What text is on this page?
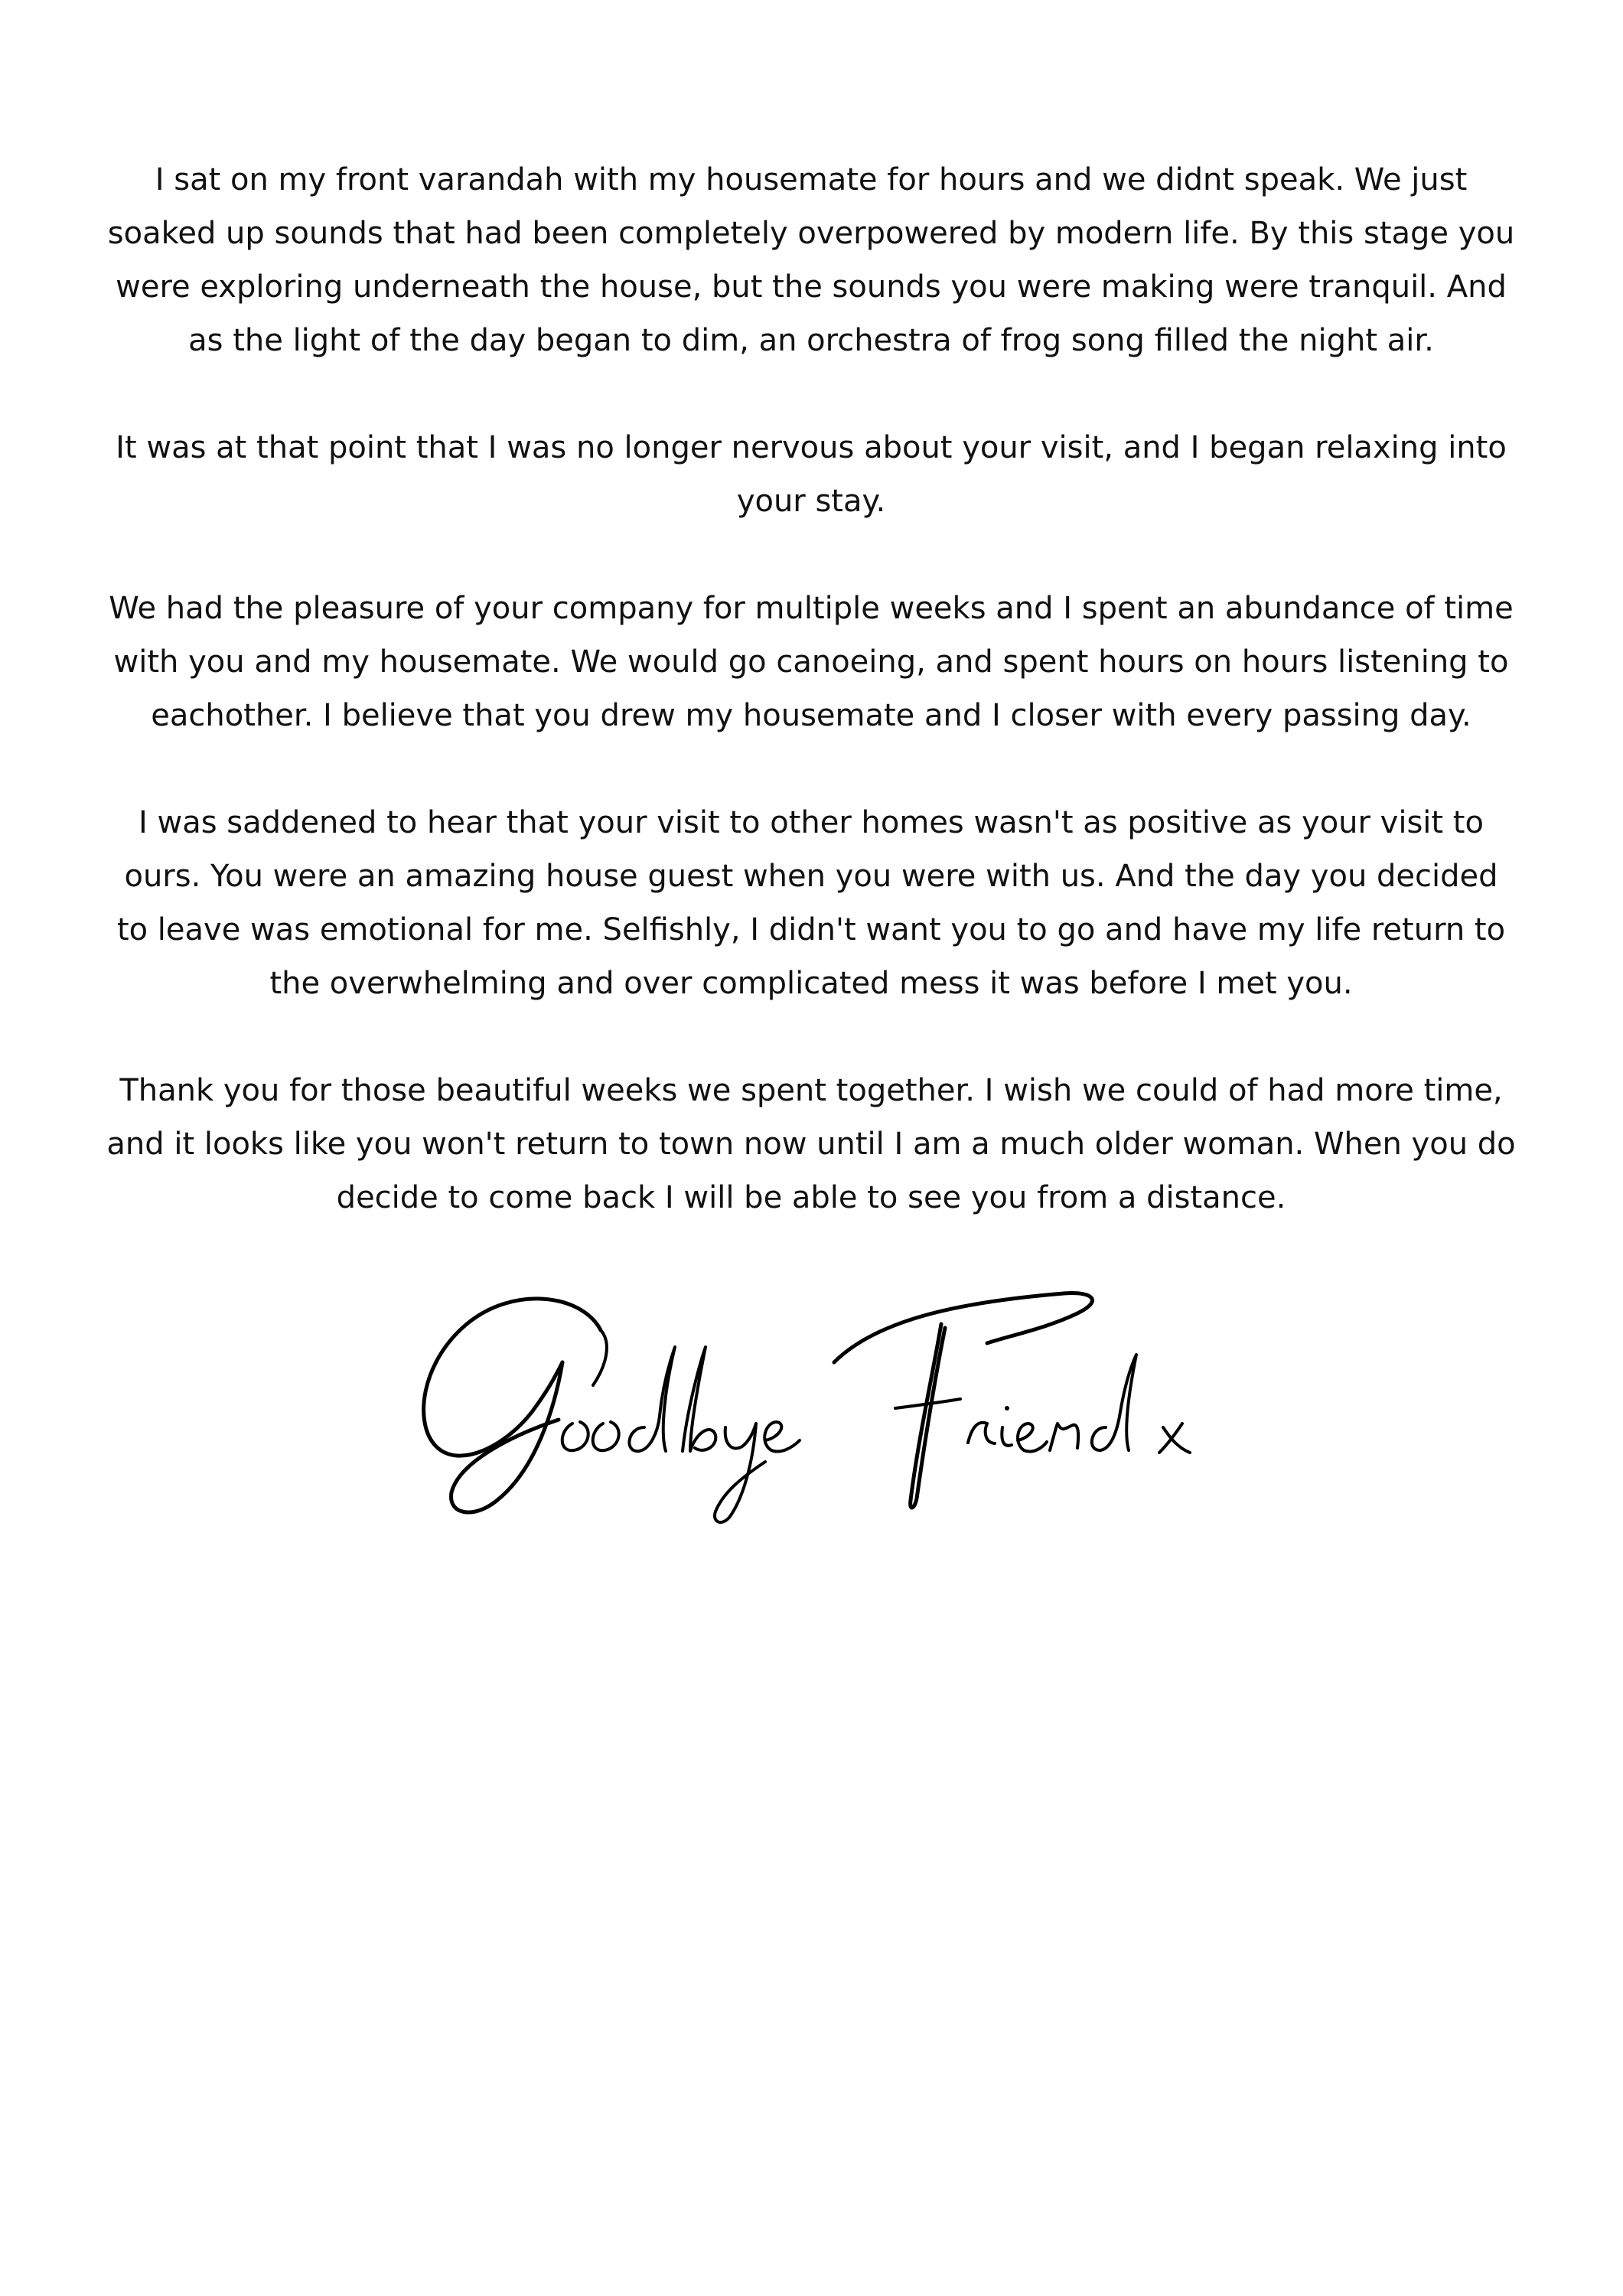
I sat on my front varandah with my housemate for hours and we didnt speak. We just
soaked up sounds that had been completely overpowered by modern life. By this stage you
were exploring underneath the house, but the sounds you were making were tranquil. And
as the light of the day began to dim, an orchestra of frog song filled the night air.

It was at that point that I was no longer nervous about your visit, and I began relaxing into
your stay.

We had the pleasure of your company for multiple weeks and I spent an abundance of time
with you and my housemate. We would go canoeing, and spent hours on hours listening to
eachother. I believe that you drew my housemate and I closer with every passing day.

I was saddened to hear that your visit to other homes wasn't as positive as your visit to
ours. You were an amazing house guest when you were with us. And the day you decided
to leave was emotional for me. Selfishly, I didn't want you to go and have my life return to
the overwhelming and over complicated mess it was before I met you.

Thank you for those beautiful weeks we spent together. I wish we could of had more time,
and it looks like you won't return to town now until I am a much older woman. When you do
decide to come back I will be able to see you from a distance.
